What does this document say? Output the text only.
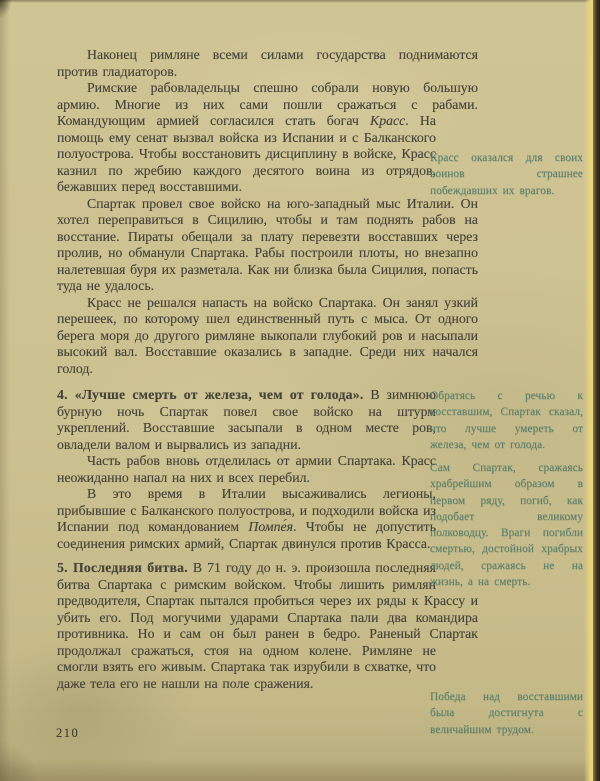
Наконец римляне всеми силами государства поднимаются против гладиаторов.

Римские рабовладельцы спешно собрали новую большую армию. Многие из них сами пошли сражаться с рабами. Командующим армией согласился стать богач Красс. На
помощь ему сенат вызвал войска из Испании и с Балканского полуострова. Чтобы восстановить дисциплину в войске, Красс казнил по жребию каждого десятого воина из отрядов, бежавших перед восставшими.

Спартак провел свое войско на юго-западный мыс Италии. Он хотел переправиться в Сицилию, чтобы и там поднять рабов на восстание. Пираты обещали за плату перевезти восставших через пролив, но обманули Спартака. Рабы построили плоты, но внезапно налетевшая буря их разметала. Как ни близка была Сицилия, попасть туда не удалось.

Красс не решался напасть на войско Спартака. Он занял узкий перешеек, по которому шел единственный путь с мыса. От одного берега моря до другого римляне выкопали глубокий ров и насыпали высокий вал. Восставшие оказались в западне. Среди них начался голод.

4. «Лучше смерть от железа, чем от голода». В зимнюю бурную ночь Спартак повел свое войско на штурм укреплений. Восставшие засыпали в одном месте ров, овладели валом и вырвались из западни.

Часть рабов вновь отделилась от армии Спартака. Красс неожиданно напал на них и всех перебил.

В это время в Италии высаживались легионы, прибывшие с Балканского полуострова, и подходили войска из Испании под командованием Помпе́я. Чтобы не допустить соединения римских армий, Спартак двинулся против Красса.

5. Последняя битва. В 71 году до н. э. произошла последняя битва Спартака с римским войском. Чтобы лишить римлян предводителя, Спартак пытался пробиться через их ряды к Крассу и убить его. Под могучими ударами Спартака пали два командира противника. Но и сам он был ранен в бедро. Раненый Спартак продолжал сражаться, стоя на одном колене. Римляне
не смогли взять его живым. Спартака так изрубили в схватке, что даже тела его не нашли на поле сражения.

Красс оказался для своих воинов страшнее побеждавших их врагов.
Обратясь с речью к восставшим, Спартак сказал, что лучше умереть от железа, чем от голода.
Сам Спартак, сражаясь храбрейшим образом в первом ряду, погиб, как подобает великому полководцу. Враги погибли смертью, достойной храбрых людей, сражаясь не на жизнь, а на смерть.
Победа над восставшими была достигнута с величайшим трудом.
210
